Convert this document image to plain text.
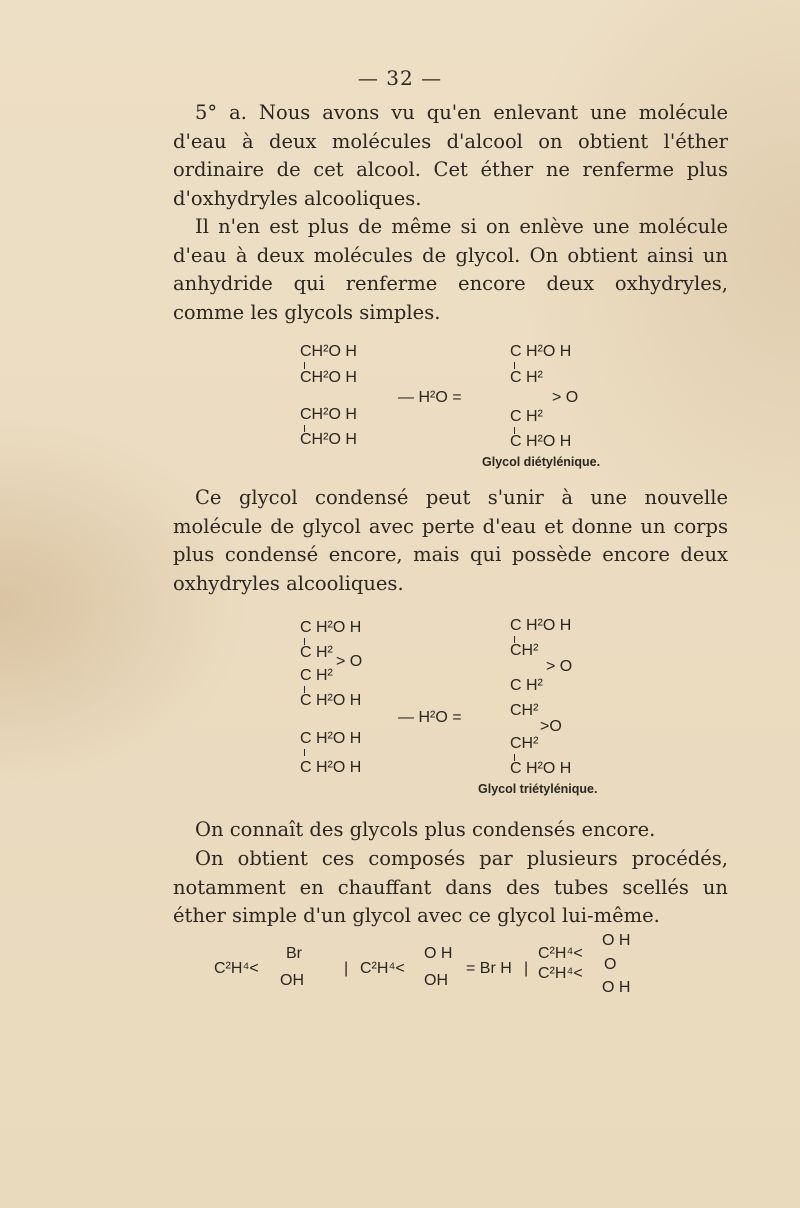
— 32 —

5° a. Nous avons vu qu'en enlevant une molécule d'eau à deux molécules d'alcool on obtient l'éther ordinaire de cet alcool. Cet éther ne renferme plus d'oxhydryles alcooliques.

Il n'en est plus de même si on enlève une molécule d'eau à deux molécules de glycol. On obtient ainsi un anhydride qui renferme encore deux oxhydryles, comme les glycols simples.

CH²O H
CH²O H
CH²O H
CH²O H
— H²O =
C H²O H
C H²
> O
C H²
C H²O H
Glycol diétylénique.

Ce glycol condensé peut s'unir à une nouvelle molécule de glycol avec perte d'eau et donne un corps plus condensé encore, mais qui possède encore deux oxhydryles alcooliques.

C H²O H
C H²
> O
C H²
C H²O H
C H²O H
C H²O H
— H²O =
C H²O H
CH²
> O
C H²
CH²
>O
CH²
C H²O H
Glycol triétylénique.

On connaît des glycols plus condensés encore.

On obtient ces composés par plusieurs procédés, notamment en chauffant dans des tubes scellés un éther simple d'un glycol avec ce glycol lui-même.

C²H⁴<
Br
OH
| C²H⁴<
O H
OH
= Br H |
C²H⁴<
O H
C²H⁴<
O
O H
